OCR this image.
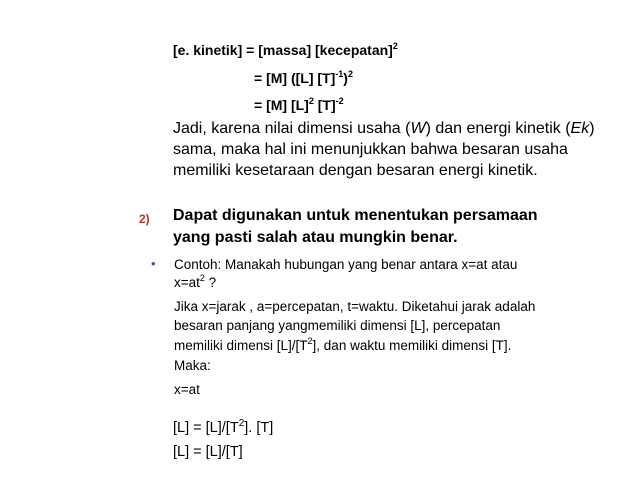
[e. kinetik] = [massa] [kecepatan]$^2$
= [M] ([L] $[T]^{-1})^2$
= [M] $[L]^2$ $[T]^{-2}$
Jadi, karena nilai dimensi usaha (W) dan energi kinetik (Ek) sama, maka hal ini menunjukkan bahwa besaran usaha memiliki kesetaraan dengan besaran energi kinetik.
2) Dapat digunakan untuk menentukan persamaan
yang pasti salah atau mungkin benar.
• Contoh: Manakah hubungan yang benar antara x=at atau
$x=at^2$ ?
Jika x=jarak , a=percepatan, t=waktu. Diketahui jarak adalah
besaran panjang yangmemiliki dimensi [L], percepatan
memiliki dimensi $[L]/[T^2]$, dan waktu memiliki dimensi [T].
Maka:
x=at
$[L] = [L]/[T^2]$. [T]
[L] = [L]/[T]
